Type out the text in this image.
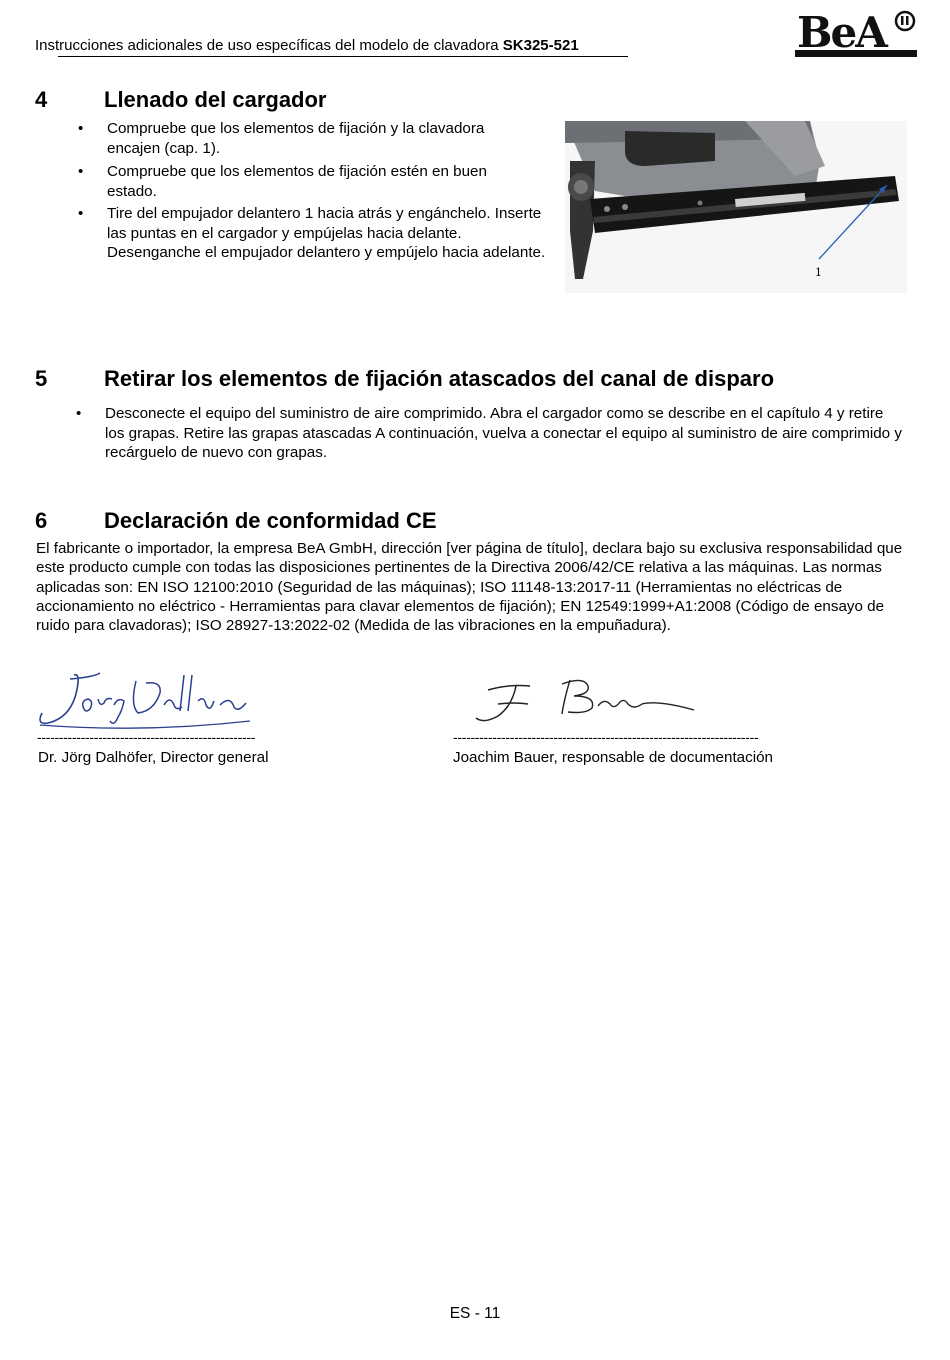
Instrucciones adicionales de uso específicas del modelo de clavadora SK325-521	BeA
4	Llenado del cargador
• Compruebe que los elementos de fijación y la clavadora encajen (cap. 1).
• Compruebe que los elementos de fijación estén en buen estado.
• Tire del empujador delantero 1 hacia atrás y engánchelo. Inserte las puntas en el cargador y empújelas hacia delante. Desenganche el empujador delantero y empújelo hacia adelante.
1
5	Retirar los elementos de fijación atascados del canal de disparo
• Desconecte el equipo del suministro de aire comprimido. Abra el cargador como se describe en el capítulo 4 y retire los grapas. Retire las grapas atascadas A continuación, vuelva a conectar el equipo al suministro de aire comprimido y recárguelo de nuevo con grapas.
6	Declaración de conformidad CE
El fabricante o importador, la empresa BeA GmbH, dirección [ver página de título], declara bajo su exclusiva responsabilidad que este producto cumple con todas las disposiciones pertinentes de la Directiva 2006/42/CE relativa a las máquinas. Las normas aplicadas son: EN ISO 12100:2010 (Seguridad de las máquinas); ISO 11148-13:2017-11 (Herramientas no eléctricas de accionamiento no eléctrico - Herramientas para clavar elementos de fijación); EN 12549:1999+A1:2008 (Código de ensayo de ruido para clavadoras); ISO 28927-13:2022-02 (Medida de las vibraciones en la empuñadura).
--------------------------------------------------	----------------------------------------------------------------------
Dr. Jörg Dalhöfer, Director general	Joachim Bauer, responsable de documentación
ES - 11
